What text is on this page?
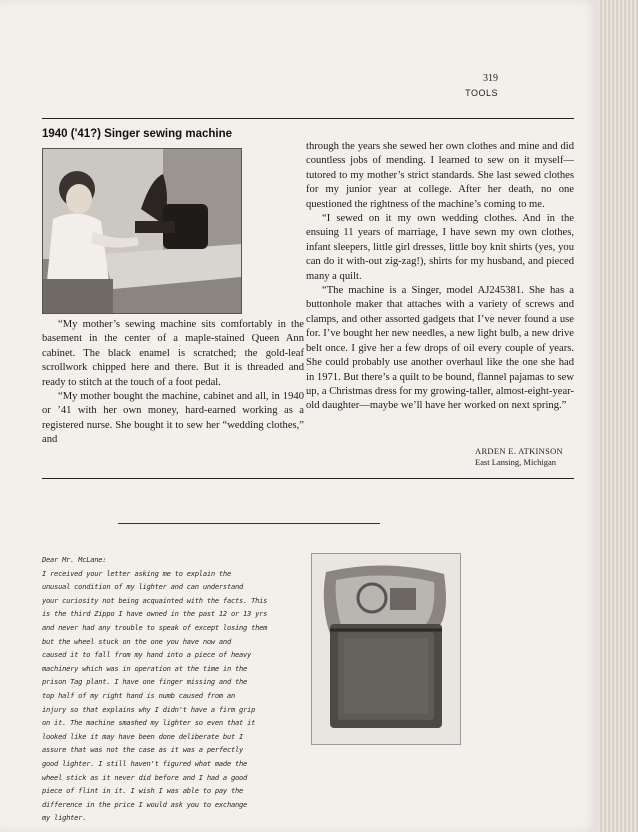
319
TOOLS
1940 ('41?) Singer sewing machine

“My mother’s sewing machine sits comfortably in the basement in the center of a maple-stained Queen Ann cabinet. The black enamel is scratched; the gold-leaf scrollwork chipped here and there. But it is threaded and ready to stitch at the touch of a foot pedal.

“My mother bought the machine, cabinet and all, in 1940 or ’41 with her own money, hard-earned working as a registered nurse. She bought it to sew her “wedding clothes,” and

through the years she sewed her own clothes and mine and did countless jobs of mending. I learned to sew on it myself—tutored to my mother’s strict standards. She last sewed clothes for my junior year at college. After her death, no one questioned the rightness of the machine’s coming to me.

“I sewed on it my own wedding clothes. And in the ensuing 11 years of marriage, I have sewn my own clothes, infant sleepers, little girl dresses, little boy knit shirts (yes, you can do it with-out zig-zag!), shirts for my husband, and pieced many a quilt.

“The machine is a Singer, model AJ245381. She has a buttonhole maker that attaches with a variety of screws and clamps, and other assorted gadgets that I’ve never found a use for. I’ve bought her new needles, a new light bulb, a new drive belt once. I give her a few drops of oil every couple of years. She could probably use another overhaul like the one she had in 1971. But there’s a quilt to be bound, flannel pajamas to sew up, a Christmas dress for my growing-taller, almost-eight-year-old daughter—maybe we’ll have her worked on next spring.”

ARDEN E. ATKINSON
East Lansing, Michigan
Dear Mr. McLane:
I received your letter asking me to explain the
unusual condition of my lighter and can understand
your curiosity not being acquainted with the facts. This
is the third Zippo I have owned in the past 12 or 13 yrs
and never had any trouble to speak of except losing them
but the wheel stuck on the one you have now and
caused it to fall from my hand into a piece of heavy
machinery which was in operation at the time in the
prison Tag plant. I have one finger missing and the
top half of my right hand is numb caused from an
injury so that explains why I didn't have a firm grip
on it. The machine smashed my lighter so even that it
looked like it may have been done deliberate but I
assure that was not the case as it was a perfectly
good lighter. I still haven't figured what made the
wheel stick as it never did before and I had a good
piece of flint in it. I wish I was able to pay the
difference in the price I would ask you to exchange
my lighter.
